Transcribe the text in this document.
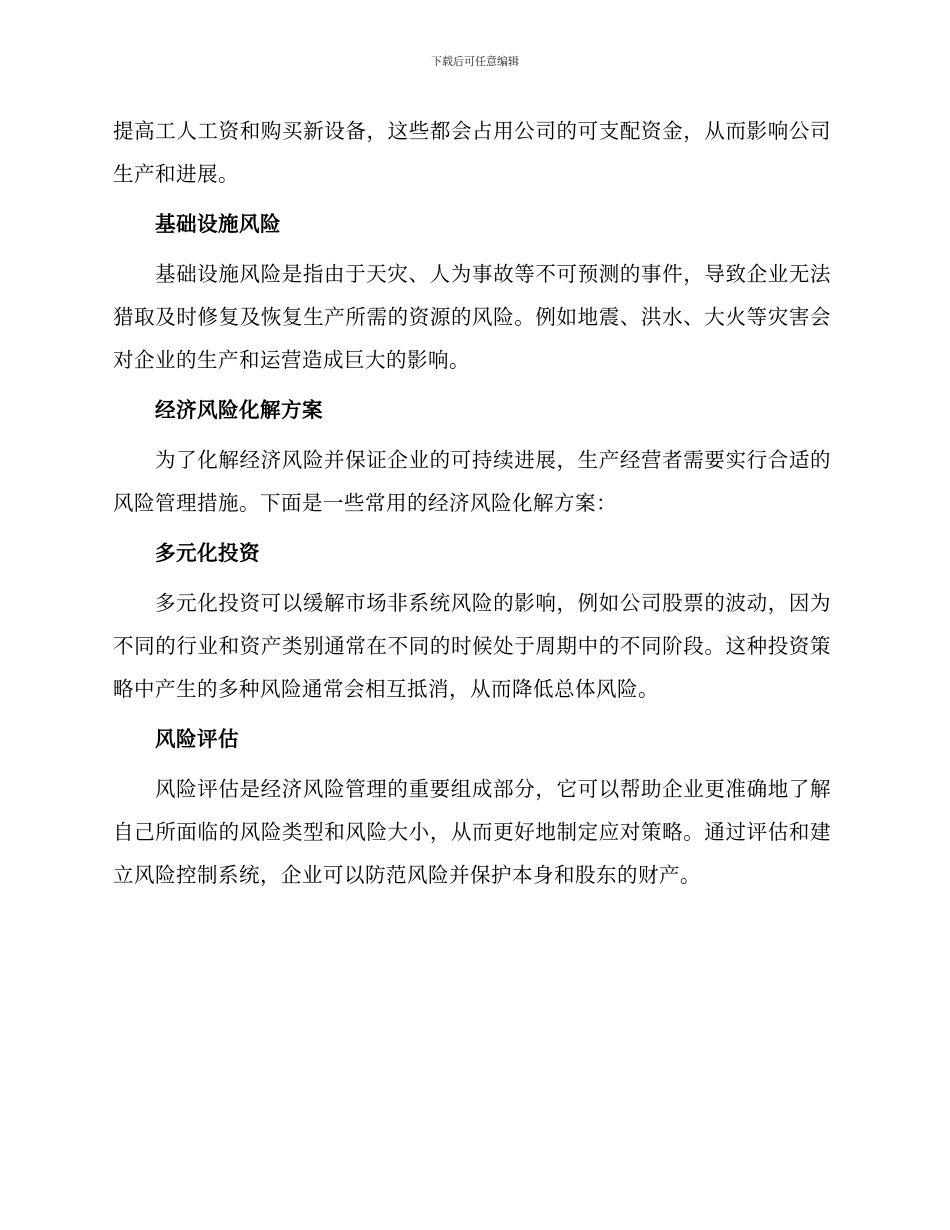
下载后可任意编辑

提高工人工资和购买新设备，这些都会占用公司的可支配资金，从而影响公司生产和进展。

基础设施风险

基础设施风险是指由于天灾、人为事故等不可预测的事件，导致企业无法猎取及时修复及恢复生产所需的资源的风险。例如地震、洪水、大火等灾害会对企业的生产和运营造成巨大的影响。

经济风险化解方案

为了化解经济风险并保证企业的可持续进展，生产经营者需要实行合适的风险管理措施。下面是一些常用的经济风险化解方案：

多元化投资

多元化投资可以缓解市场非系统风险的影响，例如公司股票的波动，因为不同的行业和资产类别通常在不同的时候处于周期中的不同阶段。这种投资策略中产生的多种风险通常会相互抵消，从而降低总体风险。

风险评估

风险评估是经济风险管理的重要组成部分，它可以帮助企业更准确地了解自己所面临的风险类型和风险大小，从而更好地制定应对策略。通过评估和建立风险控制系统，企业可以防范风险并保护本身和股东的财产。
